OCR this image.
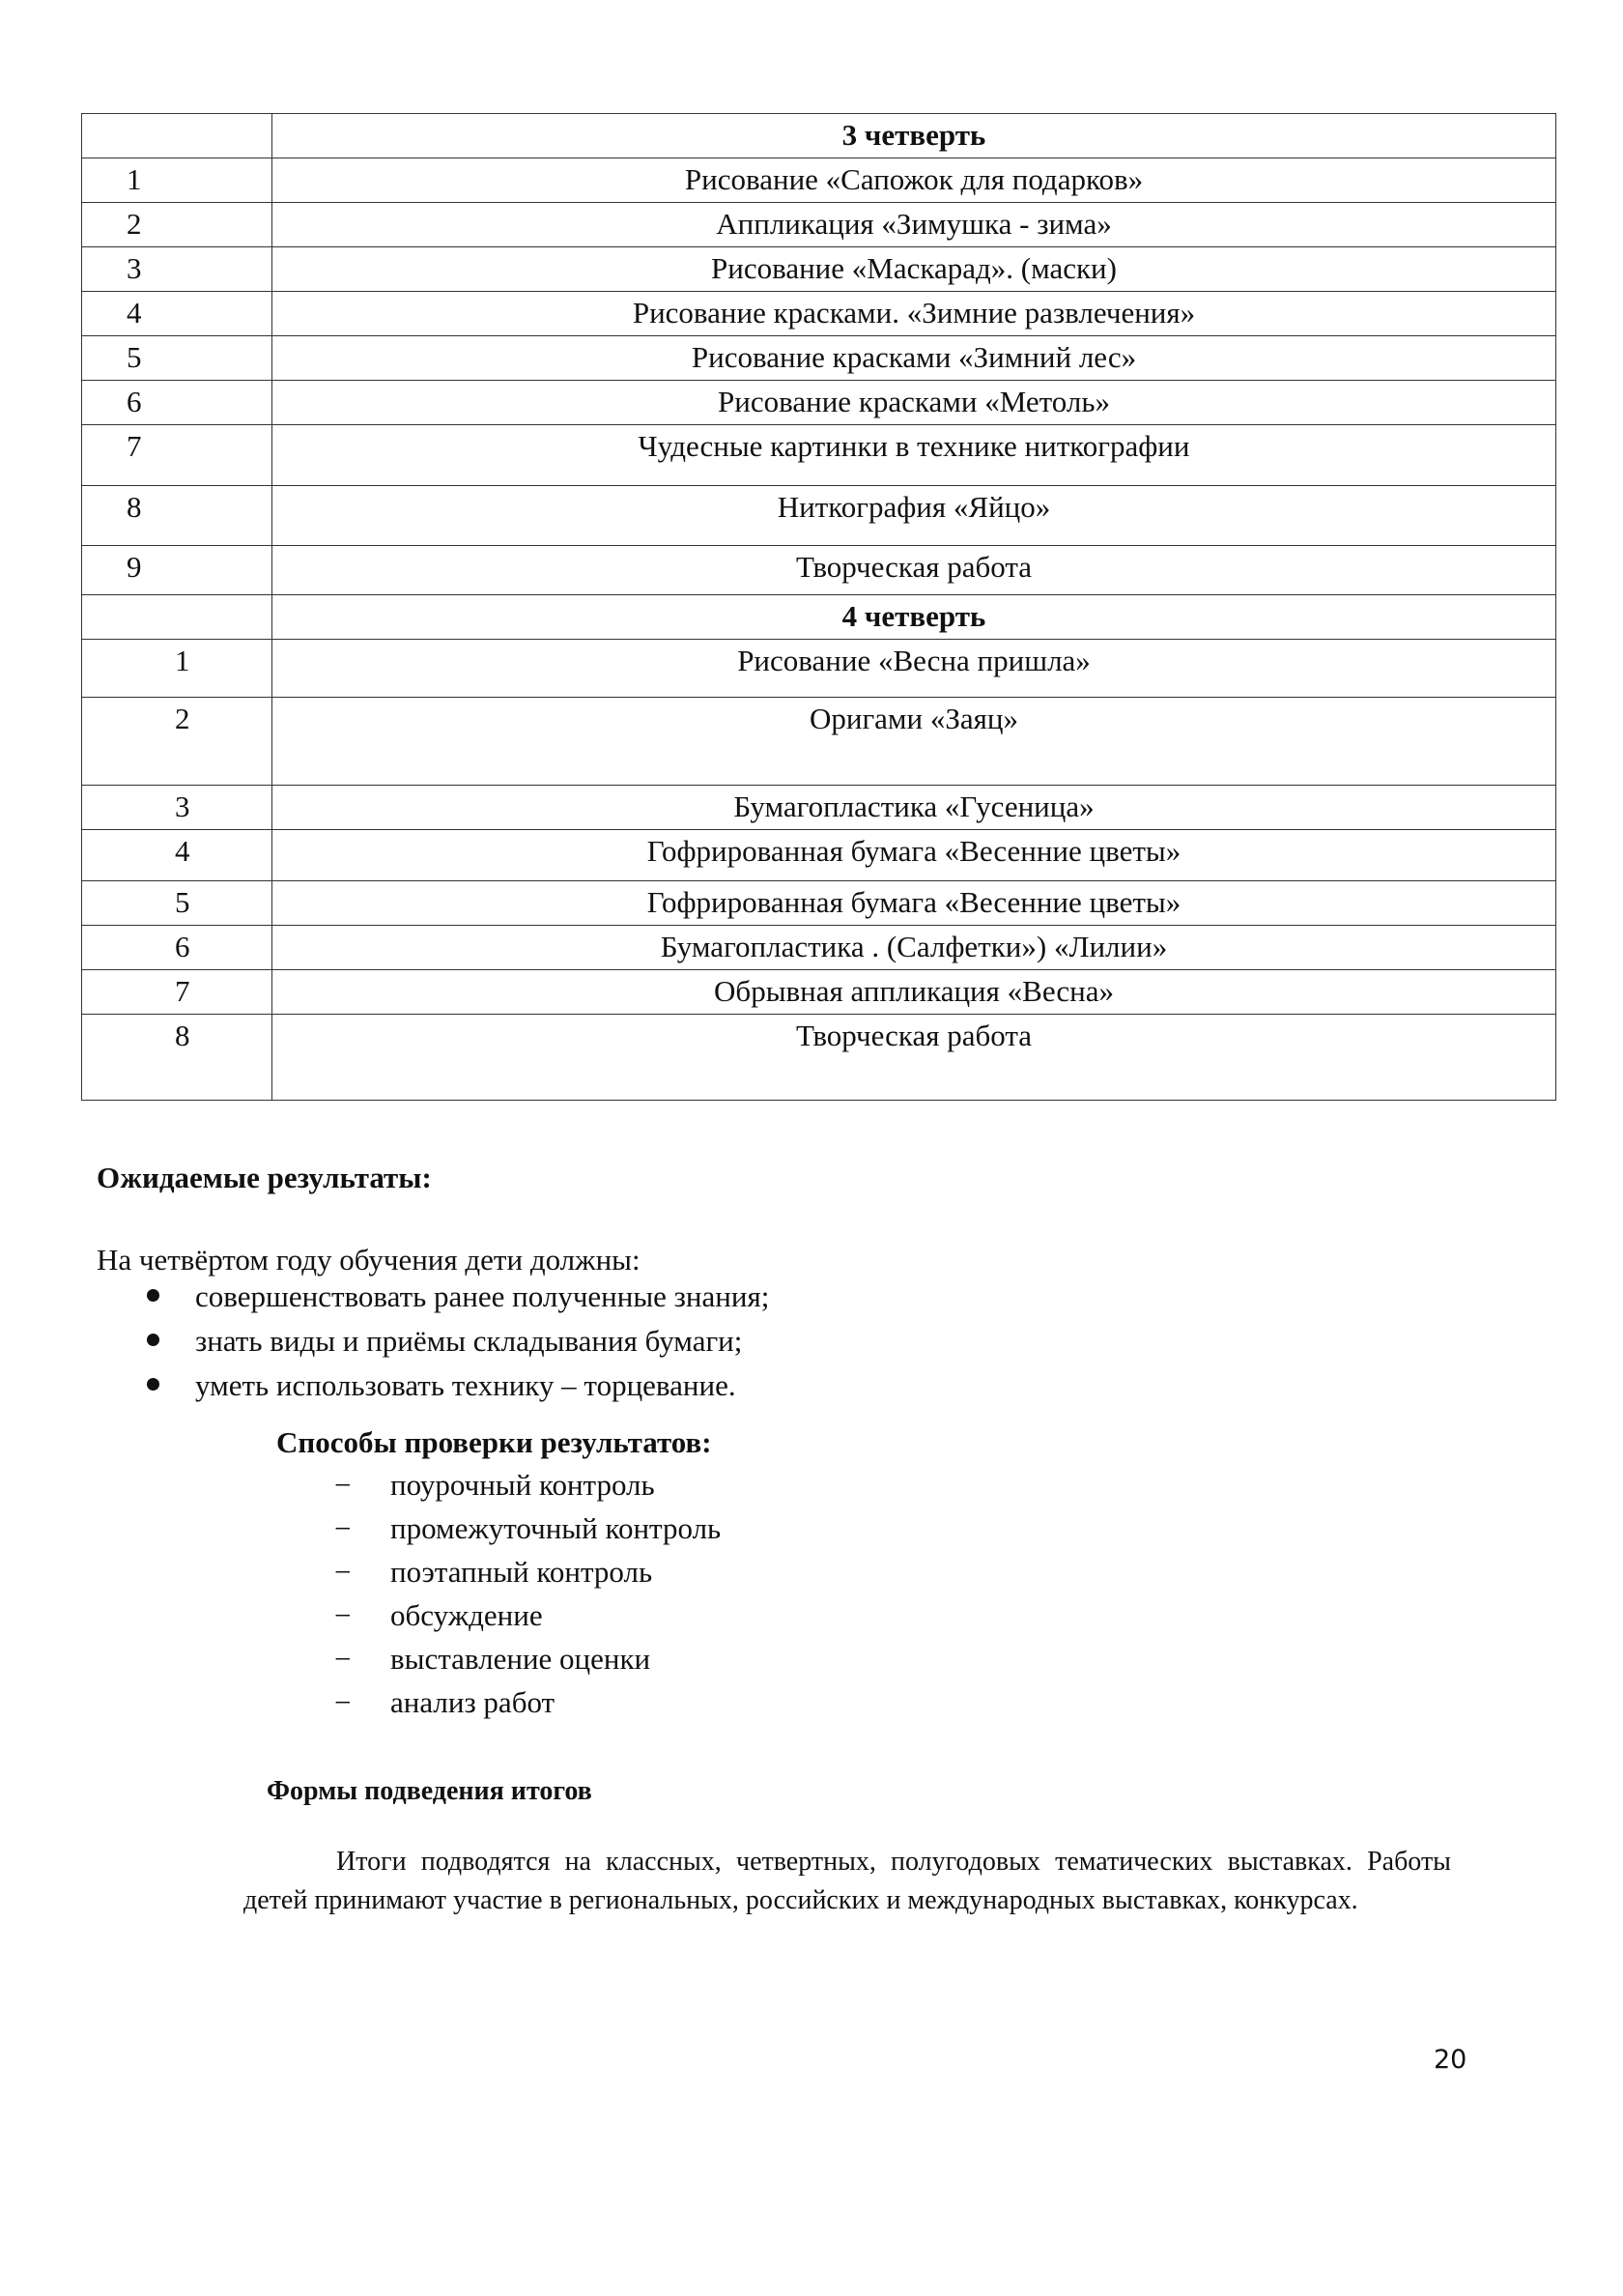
	3 четверть
1	Рисование «Сапожок для подарков»
2	Аппликация «Зимушка - зима»
3	Рисование «Маскарад». (маски)
4	Рисование красками. «Зимние развлечения»
5	Рисование красками «Зимний лес»
6	Рисование красками «Метоль»
7	Чудесные картинки в технике ниткографии
8	Ниткография «Яйцо»
9	Творческая работа
	4 четверть
1	Рисование «Весна пришла»
2	Оригами «Заяц»
3	Бумагопластика «Гусеница»
4	Гофрированная бумага «Весенние цветы»
5	Гофрированная бумага «Весенние цветы»
6	Бумагопластика . (Салфетки») «Лилии»
7	Обрывная аппликация «Весна»
8	Творческая работа
Ожидаемые результаты:
На четвёртом году обучения дети должны:
совершенствовать ранее полученные знания;
знать виды и приёмы складывания бумаги;
уметь использовать технику – торцевание.
Способы проверки результатов:
− поурочный контроль
− промежуточный контроль
− поэтапный контроль
− обсуждение
− выставление оценки
− анализ работ
Формы подведения итогов
Итоги подводятся на классных, четвертных, полугодовых тематических выставках. Работы детей принимают участие в региональных, российских и международных выставках, конкурсах.
20
